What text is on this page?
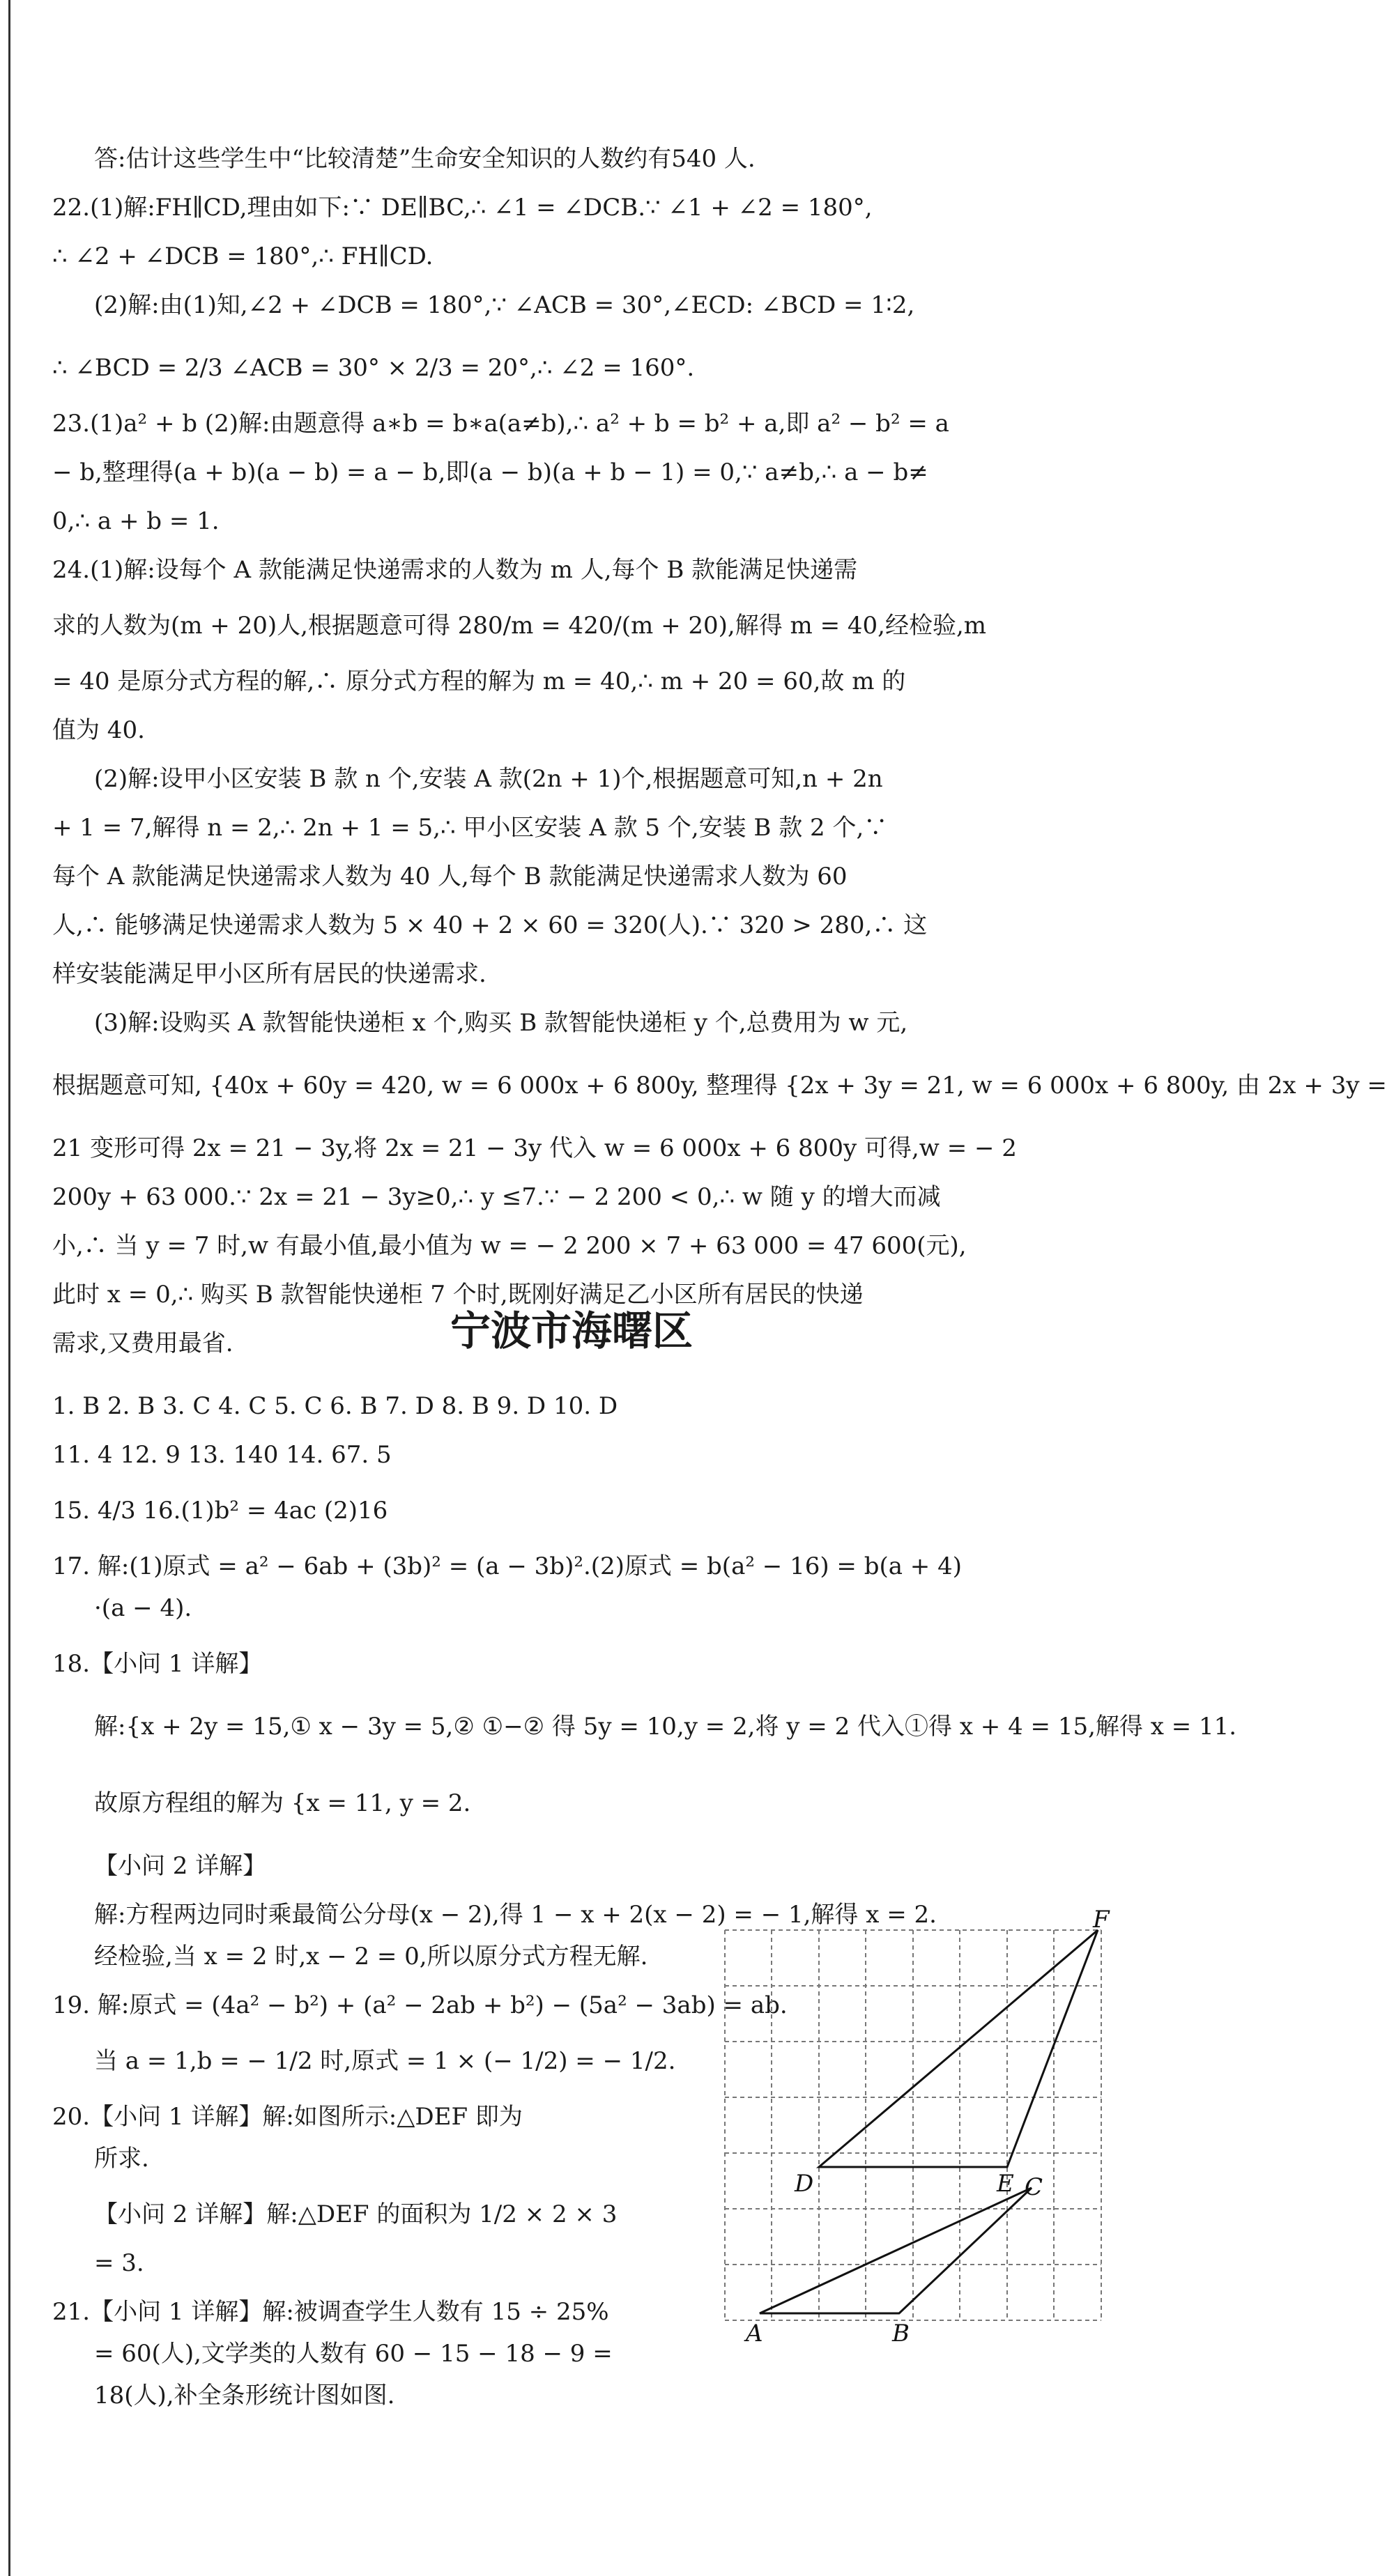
答:估计这些学生中“比较清楚”生命安全知识的人数约有540 人.
22.(1)解:FH∥CD,理由如下:∵ DE∥BC,∴ ∠1 = ∠DCB.∵ ∠1 + ∠2 = 180°,
∴ ∠2 + ∠DCB = 180°,∴ FH∥CD.
(2)解:由(1)知,∠2 + ∠DCB = 180°,∵ ∠ACB = 30°,∠ECD: ∠BCD = 1∶2,
∴ ∠BCD = 2/3 ∠ACB = 30° × 2/3 = 20°,∴ ∠2 = 160°.
23.(1)a² + b (2)解:由题意得 a∗b = b∗a(a≠b),∴ a² + b = b² + a,即 a² − b² = a
− b,整理得(a + b)(a − b) = a − b,即(a − b)(a + b − 1) = 0,∵ a≠b,∴ a − b≠
0,∴ a + b = 1.
24.(1)解:设每个 A 款能满足快递需求的人数为 m 人,每个 B 款能满足快递需
求的人数为(m + 20)人,根据题意可得 280/m = 420/(m + 20),解得 m = 40,经检验,m
= 40 是原分式方程的解,∴ 原分式方程的解为 m = 40,∴ m + 20 = 60,故 m 的
值为 40.
(2)解:设甲小区安装 B 款 n 个,安装 A 款(2n + 1)个,根据题意可知,n + 2n
+ 1 = 7,解得 n = 2,∴ 2n + 1 = 5,∴ 甲小区安装 A 款 5 个,安装 B 款 2 个,∵
每个 A 款能满足快递需求人数为 40 人,每个 B 款能满足快递需求人数为 60
人,∴ 能够满足快递需求人数为 5 × 40 + 2 × 60 = 320(人).∵ 320 > 280,∴ 这
样安装能满足甲小区所有居民的快递需求.
(3)解:设购买 A 款智能快递柜 x 个,购买 B 款智能快递柜 y 个,总费用为 w 元,
根据题意可知, {40x + 60y = 420, w = 6 000x + 6 800y, 整理得 {2x + 3y = 21, w = 6 000x + 6 800y, 由 2x + 3y =
21 变形可得 2x = 21 − 3y,将 2x = 21 − 3y 代入 w = 6 000x + 6 800y 可得,w = − 2
200y + 63 000.∵ 2x = 21 − 3y≥0,∴ y ≤7.∵ − 2 200 < 0,∴ w 随 y 的增大而减
小,∴ 当 y = 7 时,w 有最小值,最小值为 w = − 2 200 × 7 + 63 000 = 47 600(元),
此时 x = 0,∴ 购买 B 款智能快递柜 7 个时,既刚好满足乙小区所有居民的快递
需求,又费用最省.	宁波市海曙区
1. B 2. B 3. C 4. C 5. C 6. B 7. D 8. B 9. D 10. D
11. 4 12. 9 13. 140 14. 67. 5
15. 4/3 16.(1)b² = 4ac (2)16
17. 解:(1)原式 = a² − 6ab + (3b)² = (a − 3b)².(2)原式 = b(a² − 16) = b(a + 4)
·(a − 4).
18.【小问 1 详解】
解:{x + 2y = 15,① x − 3y = 5,② ①−② 得 5y = 10,y = 2,将 y = 2 代入①得 x + 4 = 15,解得 x = 11.
故原方程组的解为 {x = 11, y = 2.
【小问 2 详解】
解:方程两边同时乘最简公分母(x − 2),得 1 − x + 2(x − 2) = − 1,解得 x = 2.
经检验,当 x = 2 时,x − 2 = 0,所以原分式方程无解.
19. 解:原式 = (4a² − b²) + (a² − 2ab + b²) − (5a² − 3ab) = ab.
当 a = 1,b = − 1/2 时,原式 = 1 × (− 1/2) = − 1/2.
20.【小问 1 详解】解:如图所示:△DEF 即为
所求.
【小问 2 详解】解:△DEF 的面积为 1/2 × 2 × 3
= 3.
21.【小问 1 详解】解:被调查学生人数有 15 ÷ 25%
= 60(人),文学类的人数有 60 − 15 − 18 − 9 =
18(人),补全条形统计图如图.
F
D	E C
A	B
